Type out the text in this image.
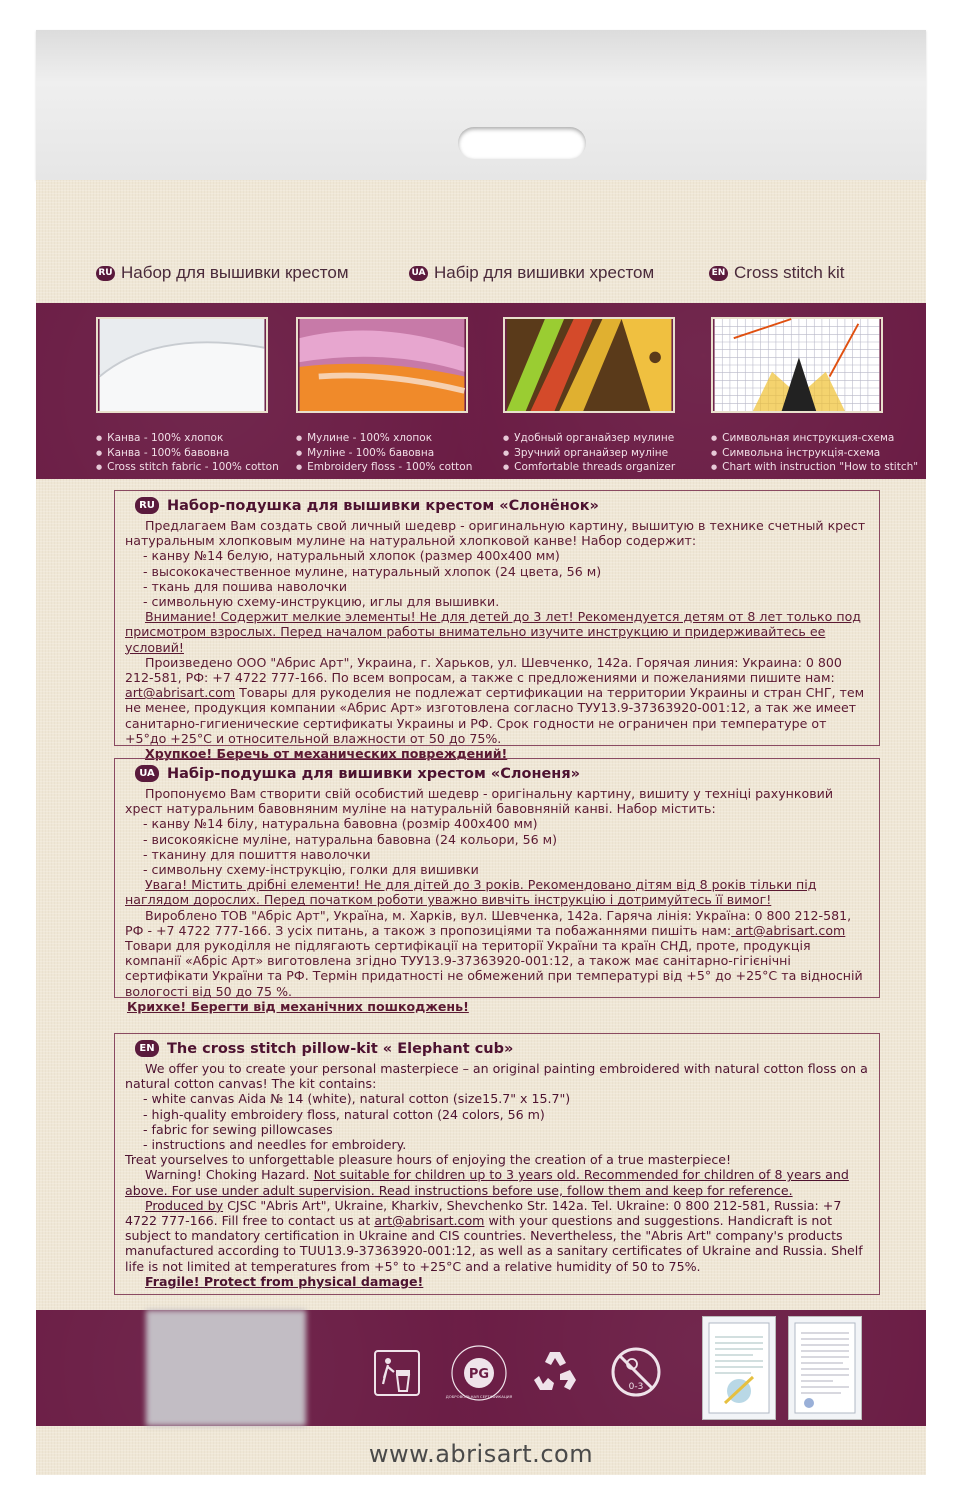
RU Набор для вышивки крестом	UA Набір для вишивки хрестом	EN Cross stitch kit
● Канва - 100% хлопок
● Канва - 100% бавовна
● Cross stitch fabric - 100% cotton
● Мулине - 100% хлопок
● Муліне - 100% бавовна
● Embroidery floss - 100% cotton
● Удобный органайзер мулине
● Зручний органайзер муліне
● Comfortable threads organizer
● Символьная инструкция-схема
● Символьна інструкція-схема
● Chart with instruction "How to stitch"
RU Набор-подушка для вышивки крестом «Слонёнок»
Предлагаем Вам создать свой личный шедевр - оригинальную картину, вышитую в технике счетный крест натуральным хлопковым мулине на натуральной хлопковой канве! Набор содержит:
- канву №14 белую, натуральный хлопок (размер 400х400 мм)
- высококачественное мулине, натуральный хлопок (24 цвета, 56 м)
- ткань для пошива наволочки
- символьную схему-инструкцию, иглы для вышивки.
Внимание! Содержит мелкие элементы! Не для детей до 3 лет! Рекомендуется детям от 8 лет только под присмотром взрослых. Перед началом работы внимательно изучите инструкцию и придерживайтесь ее условий!
Произведено ООО "Абрис Арт", Украина, г. Харьков, ул. Шевченко, 142а. Горячая линия: Украина: 0 800 212-581, РФ: +7 4722 777-166. По всем вопросам, а также с предложениями и пожеланиями пишите нам: art@abrisart.com Товары для рукоделия не подлежат сертификации на территории Украины и стран СНГ, тем не менее, продукция компании «Абрис Арт» изготовлена согласно ТУУ13.9-37363920-001:12, а так же имеет санитарно-гигиенические сертификаты Украины и РФ. Срок годности не ограничен при температуре от +5°до +25°С и относительной влажности от 50 до 75%.
Хрупкое! Беречь от механических повреждений!
UA Набір-подушка для вишивки хрестом «Слоненя»
Пропонуємо Вам створити свій особистий шедевр - оригінальну картину, вишиту у техніці рахунковий хрест натуральним бавовняним муліне на натуральній бавовняній канві. Набор містить:
- канву №14 білу, натуральна бавовна (розмір 400х400 мм)
- високоякісне муліне, натуральна бавовна (24 кольори, 56 м)
- тканину для пошиття наволочки
- символьну схему-інструкцію, голки для вишивки
Увага! Містить дрібні елементи! Не для дітей до 3 років. Рекомендовано дітям від 8 років тільки під наглядом дорослих. Перед початком роботи уважно вивчіть інструкцію і дотримуйтесь її вимог!
Вироблено ТОВ "Абріс Арт", Україна, м. Харків, вул. Шевченка, 142а. Гаряча лінія: Україна: 0 800 212-581, РФ - +7 4722 777-166. З усіх питань, а також з пропозиціями та побажаннями пишіть нам: art@abrisart.com Товари для рукоділля не підлягають сертифікації на території України та країн СНД, проте, продукція компанії «Абріс Арт» виготовлена згідно ТУУ13.9-37363920-001:12, а також має санітарно-гігієнічні сертифікати України та РФ. Термін придатності не обмежений при температурі від +5° до +25°С та відносній вологості від 50 до 75 %.
Крихке! Берегти від механічних пошкоджень!
EN The cross stitch pillow-kit « Elephant cub»
We offer you to create your personal masterpiece – an original painting embroidered with natural cotton floss on a natural cotton canvas! The kit contains:
- white canvas Aida № 14 (white), natural cotton (size15.7" x 15.7")
- high-quality embroidery floss, natural cotton (24 colors, 56 m)
- fabric for sewing pillowcases
- instructions and needles for embroidery.
Treat yourselves to unforgettable pleasure hours of enjoying the creation of a true masterpiece!
Warning! Choking Hazard. Not suitable for children up to 3 years old. Recommended for children of 8 years and above. For use under adult supervision. Read instructions before use, follow them and keep for reference.
Produced by CJSC "Abris Art", Ukraine, Kharkiv, Shevchenko Str. 142a. Tel. Ukraine: 0 800 212-581, Russia: +7 4722 777-166. Fill free to contact us at art@abrisart.com with your questions and suggestions. Handicraft is not subject to mandatory certification in Ukraine and CIS countries. Nevertheless, the "Abris Art" company's products manufactured according to TUU13.9-37363920-001:12, as well as a sanitary certificates of Ukraine and Russia. Shelf life is not limited at temperatures from +5° to +25°C and a relative humidity of 50 to 75%.
Fragile! Protect from physical damage!
РG
ДОБРОВОЛЬНАЯ СЕРТИФИКАЦИЯ
0-3
www.abrisart.com
